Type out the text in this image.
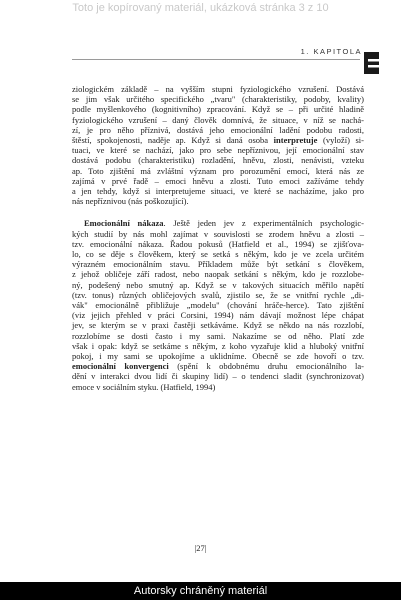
Toto je kopírovaný materiál, ukázková stránka 3 z 10
1. KAPITOLA

ziologickém základě – na vyšším stupni fyziologického vzrušení. Dostává

se jim však určitého specifického „tvaru" (charakteristiky, podoby, kvality)

podle myšlenkového (kognitivního) zpracování. Když se – při určité hladině

fyziologického vzrušení – daný člověk domnívá, že situace, v níž se nachá-

zí, je pro něho příznivá, dostává jeho emocionální ladění podobu radosti,

štěstí, spokojenosti, naděje ap. Když si daná osoba interpretuje (vyloží) si-

tuaci, ve které se nachází, jako pro sebe nepříznivou, její emocionální stav

dostává podobu (charakteristiku) rozladění, hněvu, zlosti, nenávisti, vzteku

ap. Toto zjištění má zvláštní význam pro porozumění emocí, která nás ze

zajímá v prvé řadě – emoci hněvu a zlosti. Tuto emoci zažíváme tehdy

a jen tehdy, když si interpretujeme situaci, ve které se nacházíme, jako pro

nás nepříznivou (nás poškozující).

Emocionální nákaza. Ještě jeden jev z experimentálních psychologic-

kých studií by nás mohl zajímat v souvislosti se zrodem hněvu a zlosti –

tzv. emocionální nákaza. Řadou pokusů (Hatfield et al., 1994) se zjišťova-

lo, co se děje s člověkem, který se setká s někým, kdo je ve zcela určitém

výrazném emocionálním stavu. Příkladem může být setkání s člověkem,

z jehož obličeje září radost, nebo naopak setkání s někým, kdo je rozzlobe-

ný, podešený nebo smutný ap. Když se v takových situacích měřilo napětí

(tzv. tonus) různých obličejových svalů, zjistilo se, že se vnitřní rychle „di-

vák" emocionálně přibližuje „modelu" (chování hráče-herce). Tato zjištění

(viz jejich přehled v práci Corsini, 1994) nám dávají možnost lépe chápat

jev, se kterým se v praxi častěji setkáváme. Když se někdo na nás rozzlobí,

rozzlobíme se dosti často i my sami. Nakazíme se od něho. Platí zde

však i opak: když se setkáme s někým, z koho vyzařuje klid a hluboký vnitřní

pokoj, i my sami se upokojíme a uklidníme. Obecně se zde hovoří o tzv.

emocionální konvergenci (spění k obdobnému druhu emocionálního la-

dění v interakci dvou lidí či skupiny lidí) – o tendenci sladit (synchronizovat)

emoce v sociálním styku. (Hatfield, 1994)

|27|
Autorsky chráněný materiál
